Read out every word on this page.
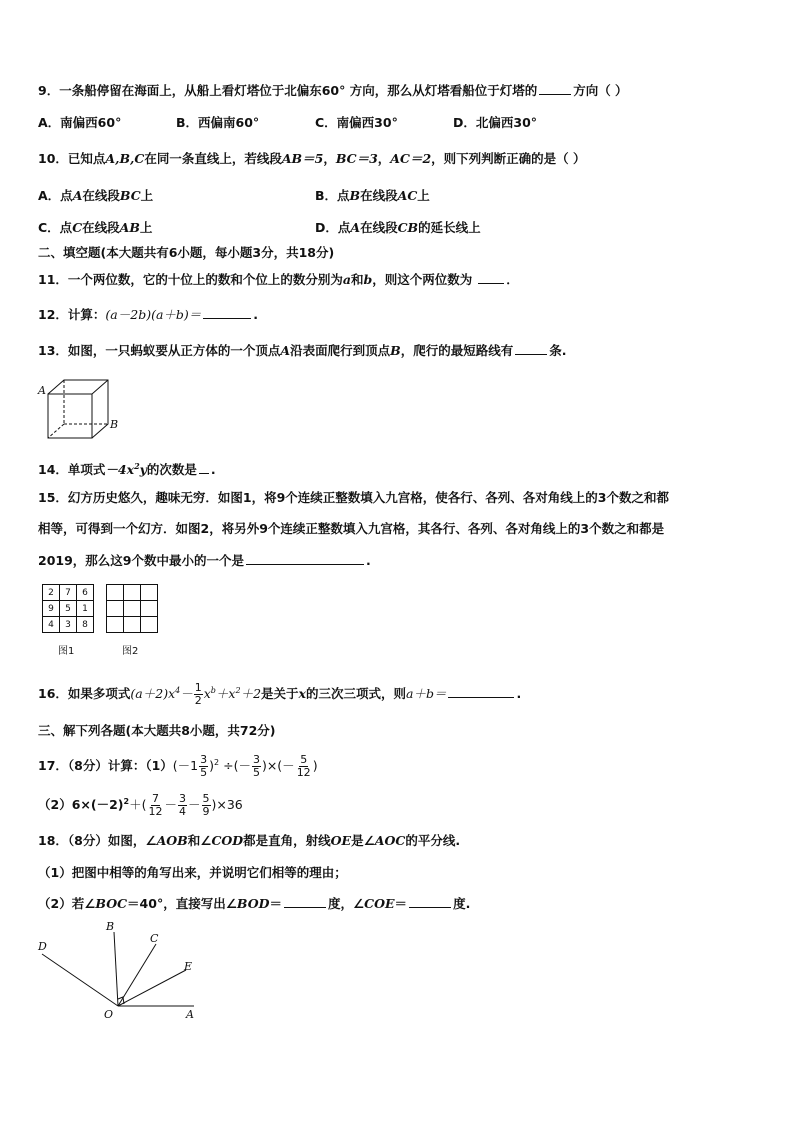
9．一条船停留在海面上，从船上看灯塔位于北偏东60° 方向，那么从灯塔看船位于灯塔的	方向（ ）
A．南偏西60°	B．西偏南60°	C．南偏西30°	D．北偏西30°
10．已知点A,B,C在同一条直线上，若线段AB＝5，BC＝3，AC＝2，则下列判断正确的是（ ）
A．点A在线段BC上	B．点B在线段AC上
C．点C在线段AB上	D．点A在线段CB的延长线上
二、填空题(本大题共有6小题，每小题3分，共18分)
11．一个两位数，它的十位上的数和个位上的数分别为a和b，则这个两位数为	．
12．计算：(a－2b)(a＋b)＝	.
13．如图，一只蚂蚁要从正方体的一个顶点A沿表面爬行到顶点B，爬行的最短路线有	条.
A
B
14．单项式$-4x^2y$的次数是 .
15．幻方历史悠久，趣味无穷．如图1，将9个连续正整数填入九宫格，使各行、各列、各对角线上的3个数之和都
相等，可得到一个幻方．如图2，将另外9个连续正整数填入九宫格，其各行、各列、各对角线上的3个数之和都是
2019，那么这9个数中最小的一个是	.
2	7	6
9	5	1
4	3	8

图1	图2
16．如果多项式$(a+2)x^4- \frac{1}{2} x^b+x^2+2$是关于x的三次三项式，则a＋b＝	.
三、解下列各题(本大题共8小题，共72分)
17．（8分）计算：$(1)(-1 \frac{3}{5} )^2$ ÷(－ $\frac{3}{5}$ )×(－ $\frac{5}{12}$ )
$(2)6\times(-2)^2+( \frac{7}{12} - \frac{3}{4} - \frac{5}{9} )\times 36$
18．（8分）如图，∠AOB和∠COD都是直角，射线OE是∠AOC的平分线.
（1）把图中相等的角写出来，并说明它们相等的理由；
（2）若∠BOC＝40°，直接写出∠BOD＝	度，∠COE＝	度.
B
C
D
E
O	A
